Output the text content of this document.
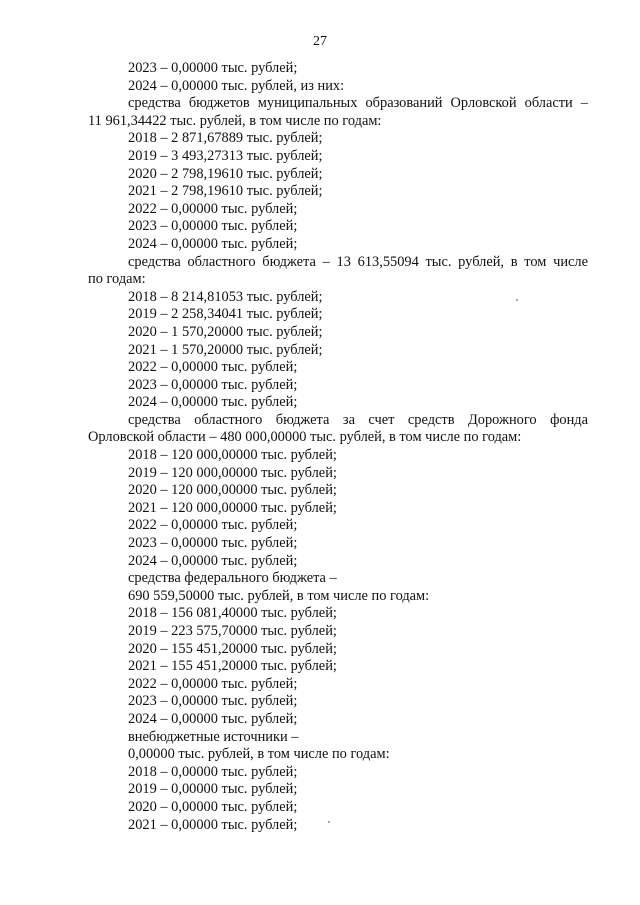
27
2023 – 0,00000 тыс. рублей;
2024 – 0,00000 тыс. рублей, из них:
средства бюджетов муниципальных образований Орловской области –
11 961,34422 тыс. рублей, в том числе по годам:
2018 – 2 871,67889 тыс. рублей;
2019 – 3 493,27313 тыс. рублей;
2020 – 2 798,19610 тыс. рублей;
2021 – 2 798,19610 тыс. рублей;
2022 – 0,00000 тыс. рублей;
2023 – 0,00000 тыс. рублей;
2024 – 0,00000 тыс. рублей;
средства областного бюджета – 13 613,55094 тыс. рублей, в том числе
по годам:
2018 – 8 214,81053 тыс. рублей;
2019 – 2 258,34041 тыс. рублей;
2020 – 1 570,20000 тыс. рублей;
2021 – 1 570,20000 тыс. рублей;
2022 – 0,00000 тыс. рублей;
2023 – 0,00000 тыс. рублей;
2024 – 0,00000 тыс. рублей;
средства областного бюджета за счет средств Дорожного фонда
Орловской области – 480 000,00000 тыс. рублей, в том числе по годам:
2018 – 120 000,00000 тыс. рублей;
2019 – 120 000,00000 тыс. рублей;
2020 – 120 000,00000 тыс. рублей;
2021 – 120 000,00000 тыс. рублей;
2022 – 0,00000 тыс. рублей;
2023 – 0,00000 тыс. рублей;
2024 – 0,00000 тыс. рублей;
средства федерального бюджета –
690 559,50000 тыс. рублей, в том числе по годам:
2018 – 156 081,40000 тыс. рублей;
2019 – 223 575,70000 тыс. рублей;
2020 – 155 451,20000 тыс. рублей;
2021 – 155 451,20000 тыс. рублей;
2022 – 0,00000 тыс. рублей;
2023 – 0,00000 тыс. рублей;
2024 – 0,00000 тыс. рублей;
внебюджетные источники –
0,00000 тыс. рублей, в том числе по годам:
2018 – 0,00000 тыс. рублей;
2019 – 0,00000 тыс. рублей;
2020 – 0,00000 тыс. рублей;
2021 – 0,00000 тыс. рублей;
